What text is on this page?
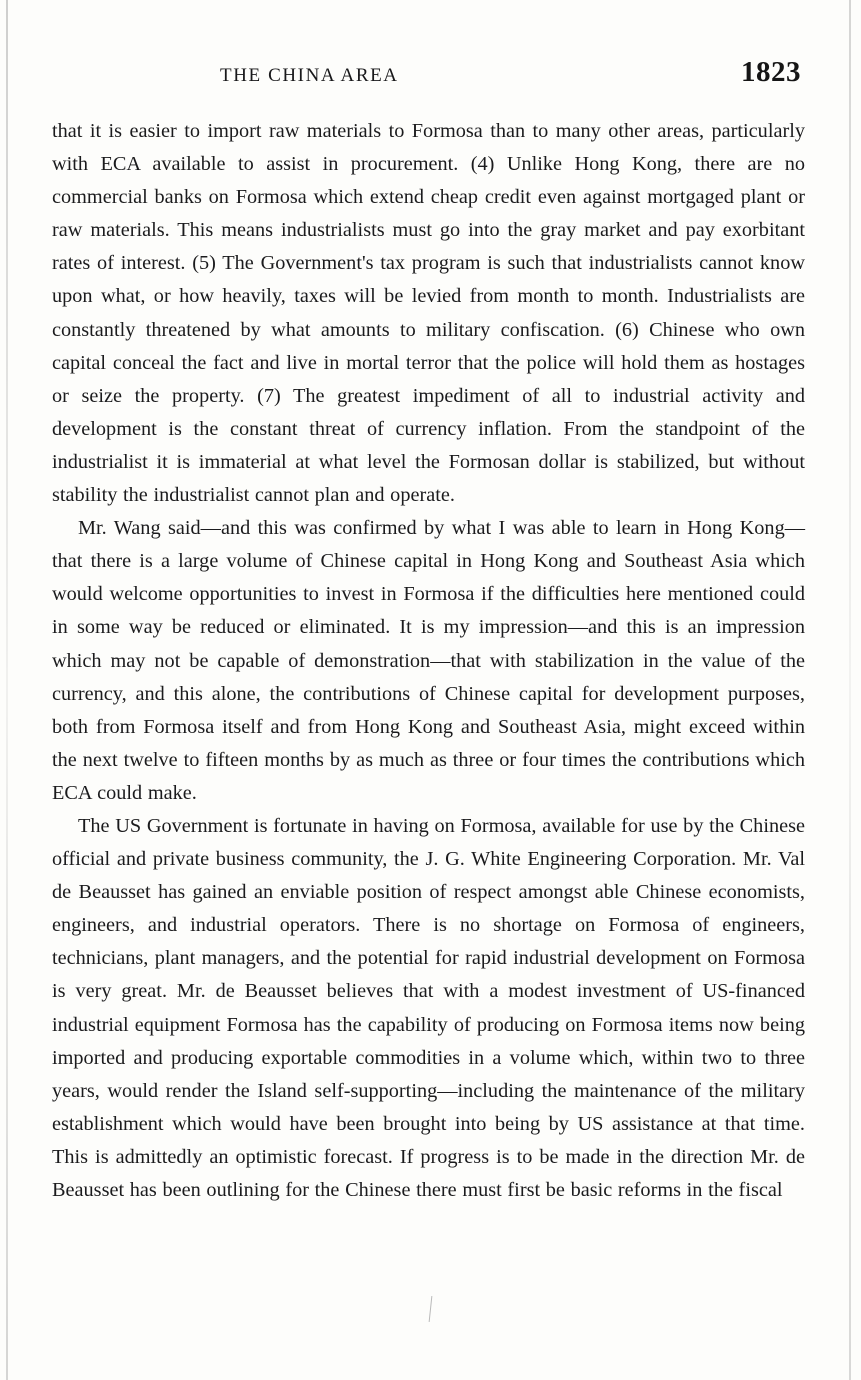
THE CHINA AREA	1823

that it is easier to import raw materials to Formosa than to many other areas, particularly with ECA available to assist in procurement. (4) Unlike Hong Kong, there are no commercial banks on Formosa which extend cheap credit even against mortgaged plant or raw materials. This means industrialists must go into the gray market and pay exorbitant rates of interest. (5) The Government's tax program is such that industrialists cannot know upon what, or how heavily, taxes will be levied from month to month. Industrialists are constantly threatened by what amounts to military confiscation. (6) Chinese who own capital conceal the fact and live in mortal terror that the police will hold them as hostages or seize the property. (7) The greatest impediment of all to industrial activity and development is the constant threat of currency inflation. From the standpoint of the industrialist it is immaterial at what level the Formosan dollar is stabilized, but without stability the industrialist cannot plan and operate.

Mr. Wang said—and this was confirmed by what I was able to learn in Hong Kong—that there is a large volume of Chinese capital in Hong Kong and Southeast Asia which would welcome opportunities to invest in Formosa if the difficulties here mentioned could in some way be reduced or eliminated. It is my impression—and this is an impression which may not be capable of demonstration—that with stabilization in the value of the currency, and this alone, the contributions of Chinese capital for development purposes, both from Formosa itself and from Hong Kong and Southeast Asia, might exceed within the next twelve to fifteen months by as much as three or four times the contributions which ECA could make.

The US Government is fortunate in having on Formosa, available for use by the Chinese official and private business community, the J. G. White Engineering Corporation. Mr. Val de Beausset has gained an enviable position of respect amongst able Chinese economists, engineers, and industrial operators. There is no shortage on Formosa of engineers, technicians, plant managers, and the potential for rapid industrial development on Formosa is very great. Mr. de Beausset believes that with a modest investment of US-financed industrial equipment Formosa has the capability of producing on Formosa items now being imported and producing exportable commodities in a volume which, within two to three years, would render the Island self-supporting—including the maintenance of the military establishment which would have been brought into being by US assistance at that time. This is admittedly an optimistic forecast. If progress is to be made in the direction Mr. de Beausset has been outlining for the Chinese there must first be basic reforms in the fiscal
